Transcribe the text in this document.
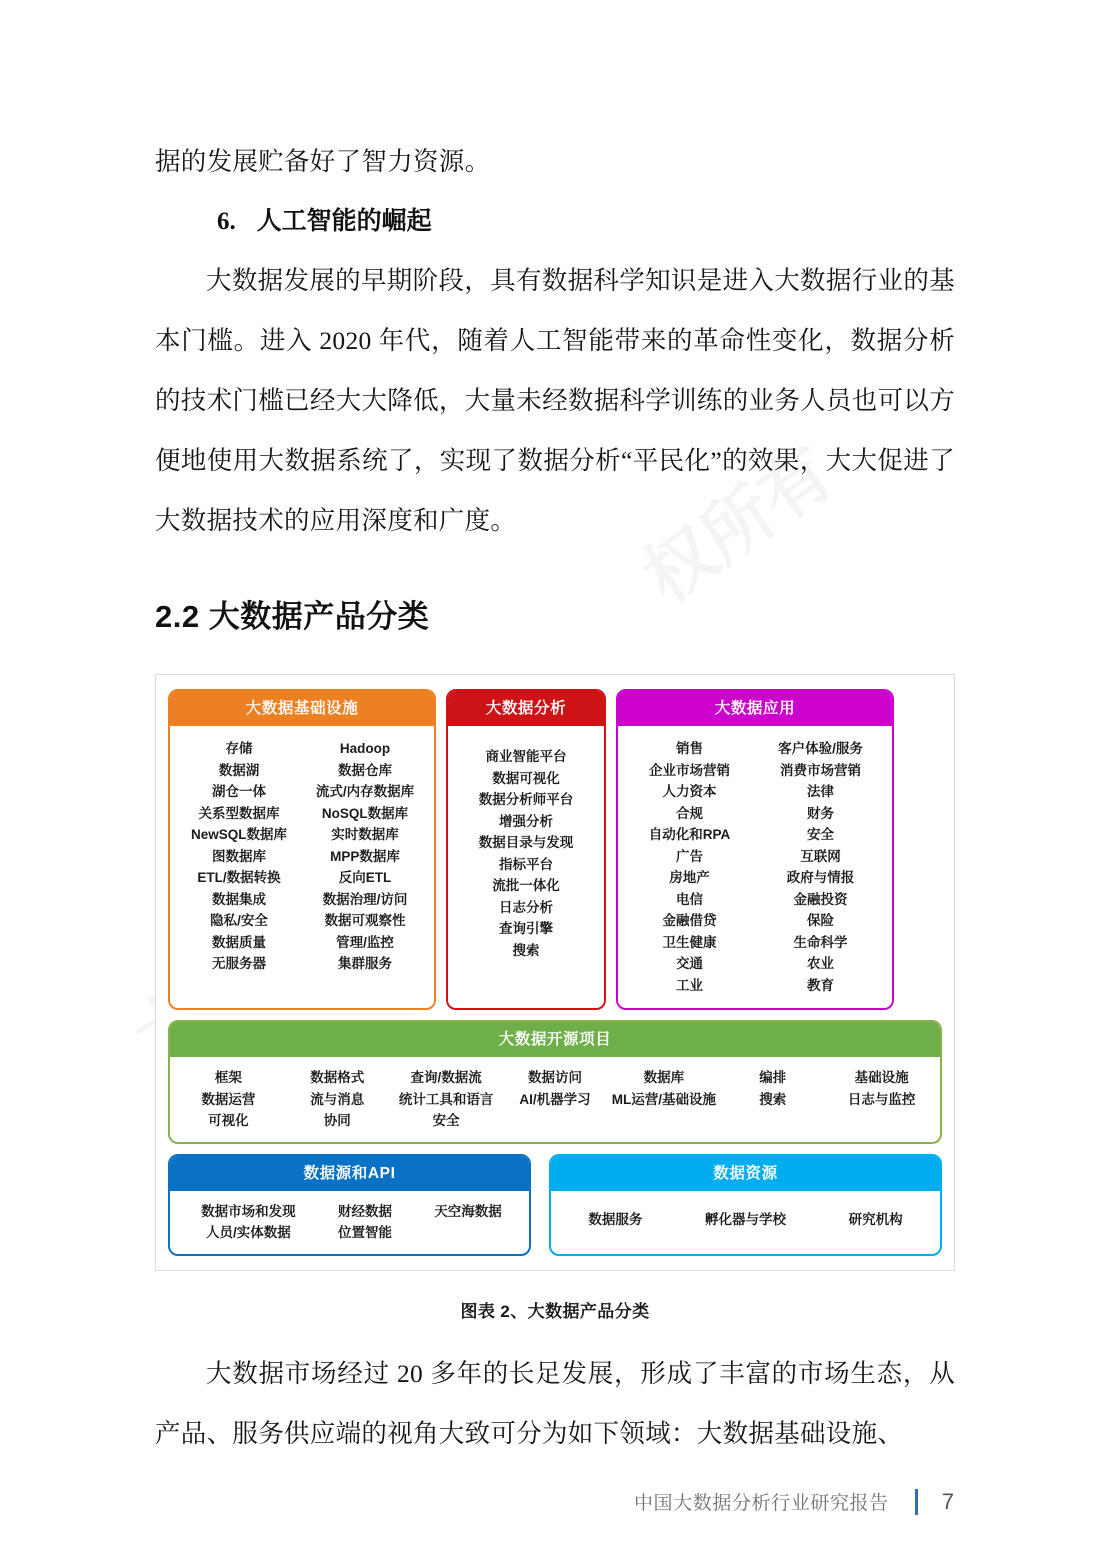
据的发展贮备好了智力资源。

6. 人工智能的崛起

大数据发展的早期阶段，具有数据科学知识是进入大数据行业的基本门槛。进入 2020 年代，随着人工智能带来的革命性变化，数据分析的技术门槛已经大大降低，大量未经数据科学训练的业务人员也可以方便地使用大数据系统了，实现了数据分析“平民化”的效果，大大促进了大数据技术的应用深度和广度。

2.2 大数据产品分类
大数据基础设施
存储
数据湖
湖仓一体
关系型数据库
NewSQL数据库
图数据库
ETL/数据转换
数据集成
隐私/安全
数据质量
无服务器
Hadoop
数据仓库
流式/内存数据库
NoSQL数据库
实时数据库
MPP数据库
反向ETL
数据治理/访问
数据可观察性
管理/监控
集群服务
大数据分析
商业智能平台
数据可视化
数据分析师平台
增强分析
数据目录与发现
指标平台
流批一体化
日志分析
查询引擎
搜索
大数据应用
销售
企业市场营销
人力资本
合规
自动化和RPA
广告
房地产
电信
金融借贷
卫生健康
交通
工业
客户体验/服务
消费市场营销
法律
财务
安全
互联网
政府与情报
金融投资
保险
生命科学
农业
教育
大数据开源项目
框架
数据运营
可视化
数据格式
流与消息
协同
查询/数据流
统计工具和语言
安全
数据访问
AI/机器学习
数据库
ML运营/基础设施
编排
搜索
基础设施
日志与监控
数据源和API
数据市场和发现
人员/实体数据
财经数据
位置智能
天空海数据
数据资源
数据服务	孵化器与学校	研究机构
图表 2、大数据产品分类

大数据市场经过 20 多年的长足发展，形成了丰富的市场生态，从产品、服务供应端的视角大致可分为如下领域：大数据基础设施、

中国大数据分析行业研究报告 7
